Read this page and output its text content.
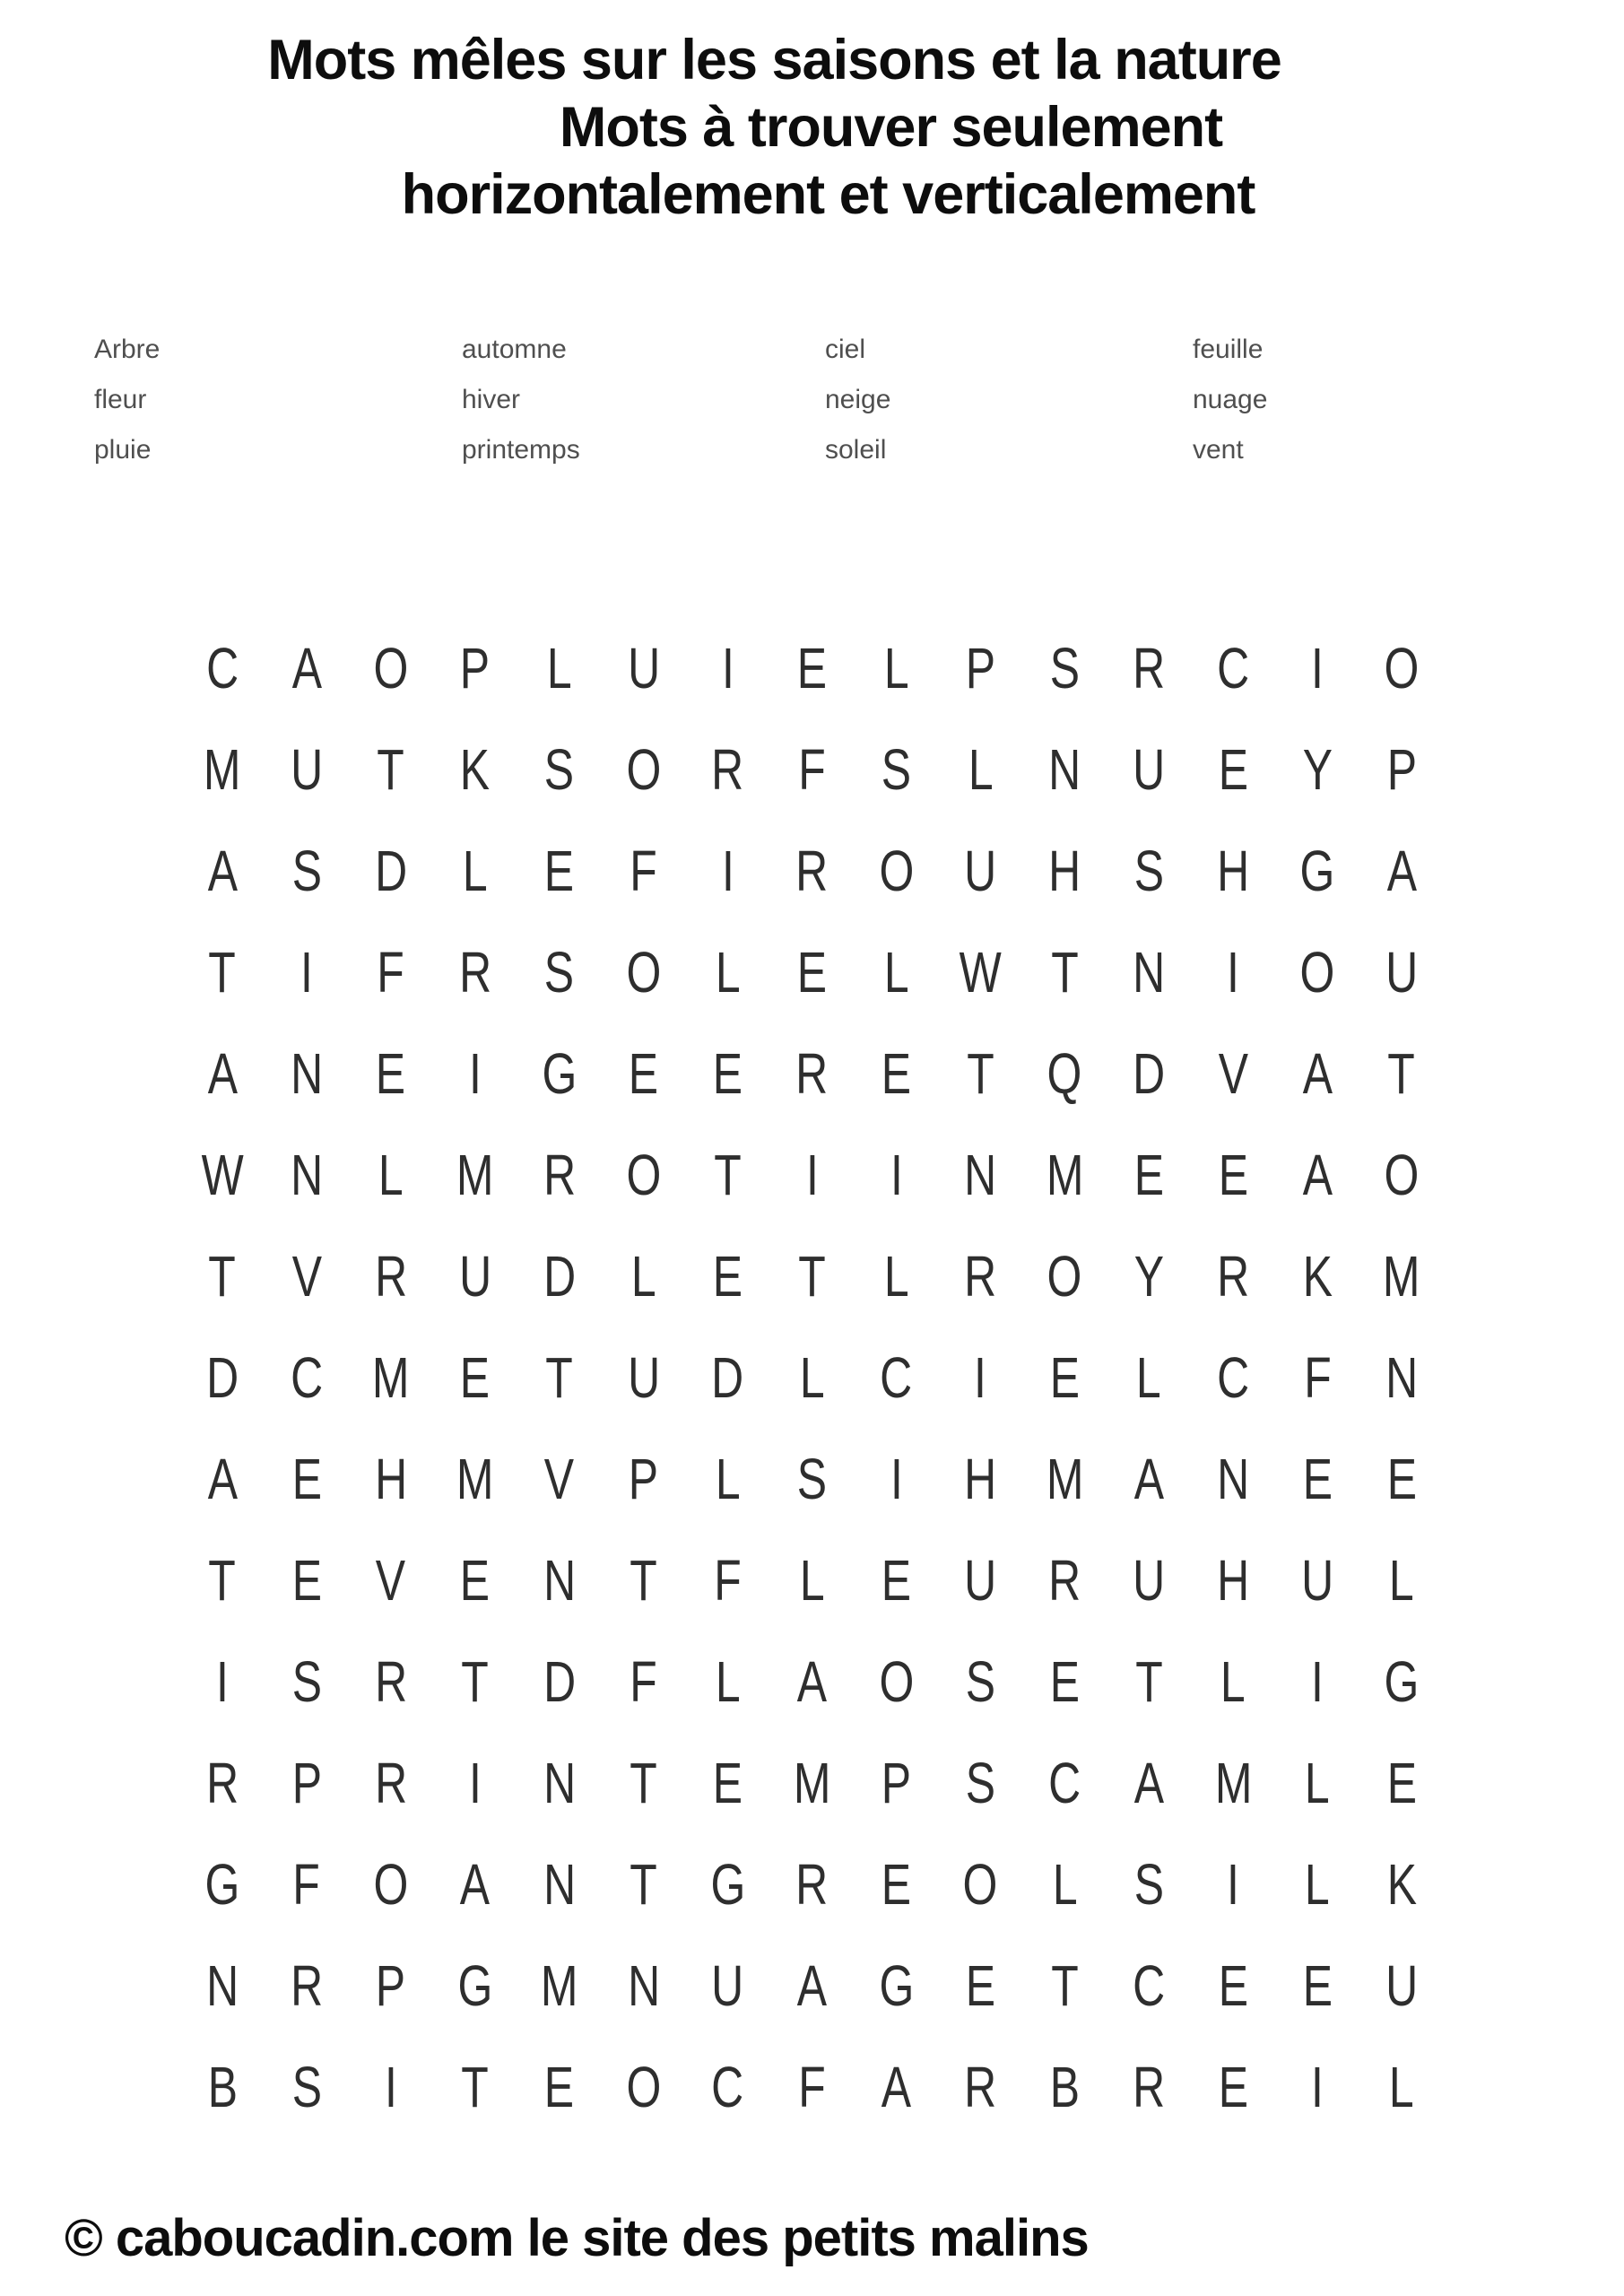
Mots mêles sur les saisons et la nature
Mots à trouver seulement
horizontalement et verticalement
Arbre
fleur
pluie
automne
hiver
printemps
ciel
neige
soleil
feuille
nuage
vent
C A O P L U I E L P S R C I O
M U T K S O R F S L N U E Y P
A S D L E F I R O U H S H G A
T I F R S O L E L W T N I O U
A N E I G E E R E T Q D V A T
W N L M R O T I I N M E E A O
T V R U D L E T L R O Y R K M
D C M E T U D L C I E L C F N
A E H M V P L S I H M A N E E
T E V E N T F L E U R U H U L
I S R T D F L A O S E T L I G
R P R I N T E M P S C A M L E
G F O A N T G R E O L S I L K
N R P G M N U A G E T C E E U
B S I T E O C F A R B R E I L
© caboucadin.com le site des petits malins
